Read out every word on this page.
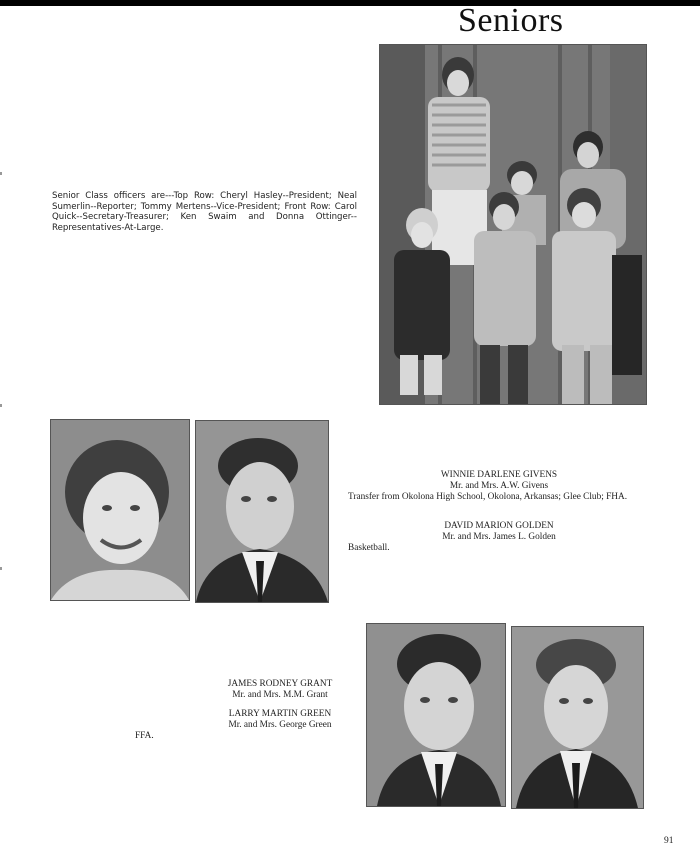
Seniors
Senior Class officers are---Top Row: Cheryl Hasley--President; Neal Sumerlin--Reporter; Tommy Mertens--Vice-President; Front Row: Carol Quick--Secretary-Treasurer; Ken Swaim and Donna Ottinger--Representatives-At-Large.
WINNIE DARLENE GIVENS
Mr. and Mrs. A.W. Givens
Transfer from Okolona High School, Okolona, Arkansas; Glee Club; FHA.
DAVID MARION GOLDEN
Mr. and Mrs. James L. Golden
Basketball.
JAMES RODNEY GRANT
Mr. and Mrs. M.M. Grant
LARRY MARTIN GREEN
Mr. and Mrs. George Green
FFA.
91
